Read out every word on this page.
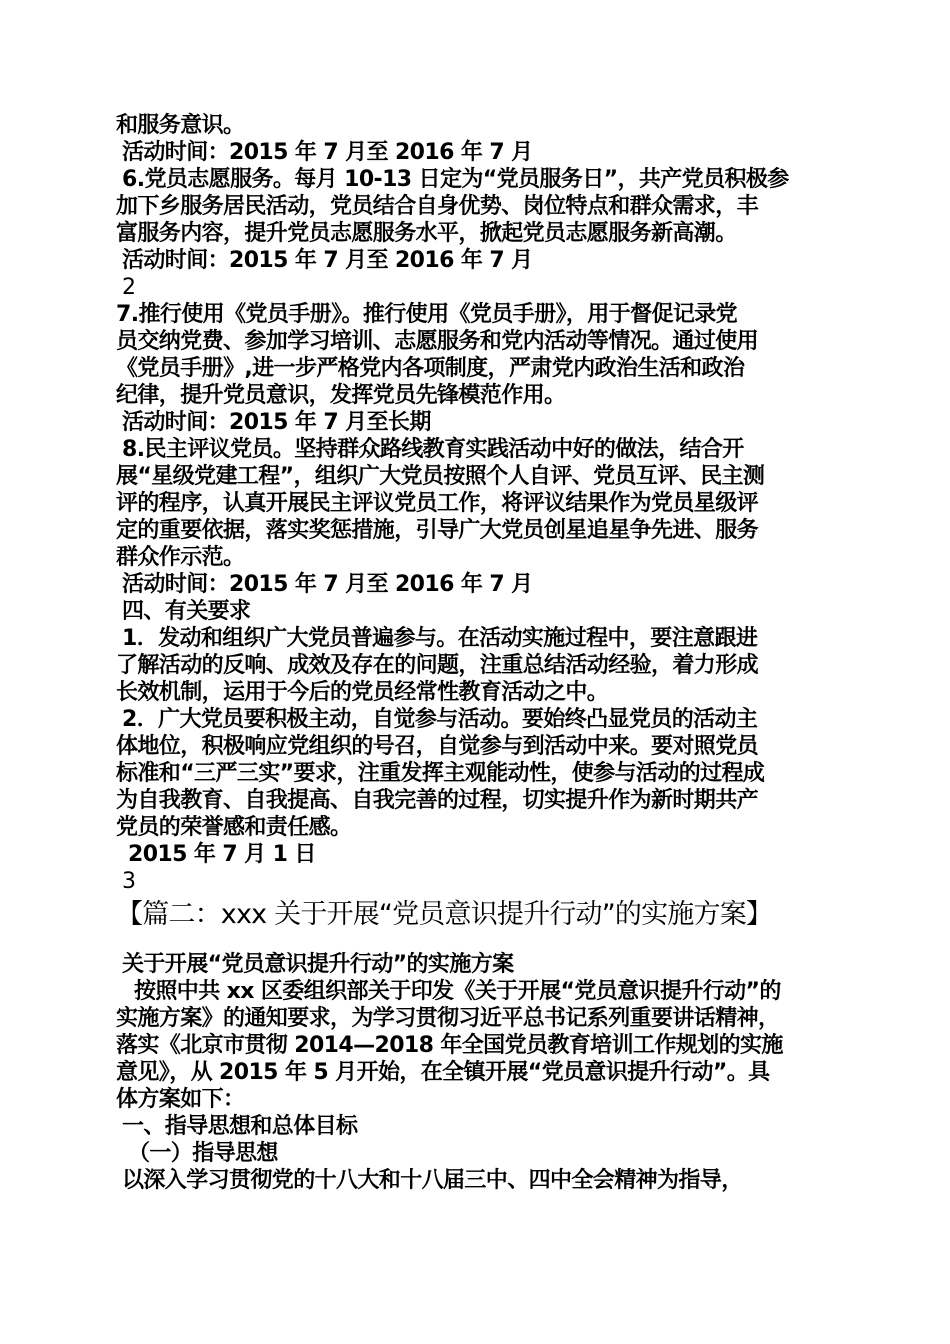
和服务意识。
活动时间：2015 年 7 月至 2016 年 7 月
6.党员志愿服务。每月 10-13 日定为“党员服务日”，共产党员积极参
加下乡服务居民活动，党员结合自身优势、岗位特点和群众需求，丰
富服务内容，提升党员志愿服务水平，掀起党员志愿服务新高潮。
活动时间：2015 年 7 月至 2016 年 7 月
2
7.推行使用《党员手册》。推行使用《党员手册》，用于督促记录党
员交纳党费、参加学习培训、志愿服务和党内活动等情况。通过使用
《党员手册》,进一步严格党内各项制度，严肃党内政治生活和政治
纪律，提升党员意识，发挥党员先锋模范作用。
活动时间：2015 年 7 月至长期
8.民主评议党员。坚持群众路线教育实践活动中好的做法，结合开
展“星级党建工程”，组织广大党员按照个人自评、党员互评、民主测
评的程序，认真开展民主评议党员工作，将评议结果作为党员星级评
定的重要依据，落实奖惩措施，引导广大党员创星追星争先进、服务
群众作示范。
活动时间：2015 年 7 月至 2016 年 7 月
四、有关要求
1．发动和组织广大党员普遍参与。在活动实施过程中，要注意跟进
了解活动的反响、成效及存在的问题，注重总结活动经验，着力形成
长效机制，运用于今后的党员经常性教育活动之中。
2．广大党员要积极主动，自觉参与活动。要始终凸显党员的活动主
体地位，积极响应党组织的号召，自觉参与到活动中来。要对照党员
标准和“三严三实”要求，注重发挥主观能动性，使参与活动的过程成
为自我教育、自我提高、自我完善的过程，切实提升作为新时期共产
党员的荣誉感和责任感。
2015 年 7 月 1 日
3
【篇二：xxx 关于开展“党员意识提升行动”的实施方案】
关于开展“党员意识提升行动”的实施方案
按照中共 xx 区委组织部关于印发《关于开展“党员意识提升行动”的
实施方案》的通知要求，为学习贯彻习近平总书记系列重要讲话精神，
落实《北京市贯彻 2014—2018 年全国党员教育培训工作规划的实施
意见》，从 2015 年 5 月开始，在全镇开展“党员意识提升行动”。具
体方案如下：
一、指导思想和总体目标
（一）指导思想
以深入学习贯彻党的十八大和十八届三中、四中全会精神为指导，
